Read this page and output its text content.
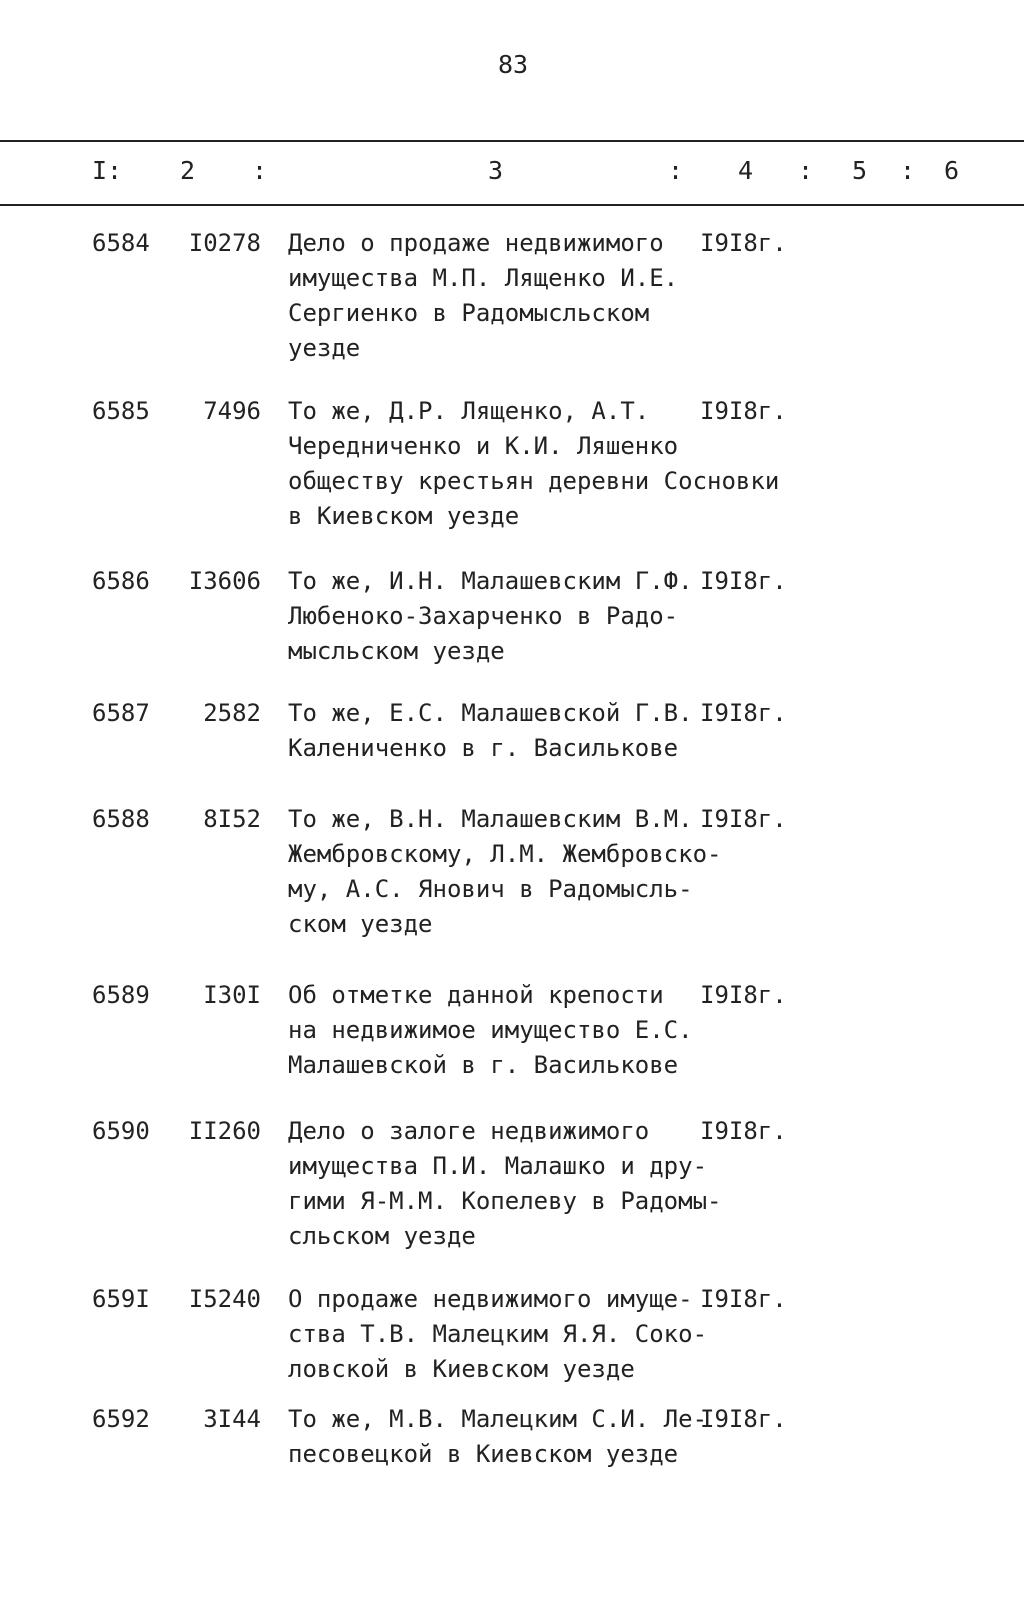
83
I: 2 :	3	: 4 : 5 : 6
6584	I0278 Дело о продаже недвижимого
имущества М.П. Лященко И.Е.
Сергиенко в Радомысльском
уезде
I9I8г.
6585	7496 То же, Д.Р. Лященко, А.Т.
Чередниченко и К.И. Ляшенко
обществу крестьян деревни Сосновки
в Киевском уезде
I9I8г.
6586	I3606 То же, И.Н. Малашевским Г.Ф.
Любеноко-Захарченко в Радо-
мысльском уезде
I9I8г.
6587	2582 То же, Е.С. Малашевской Г.В.
Калениченко в г. Василькове
I9I8г.
6588	8I52 То же, В.Н. Малашевским В.М.
Жембровскому, Л.М. Жембровско-
му, А.С. Янович в Радомысль-
ском уезде
I9I8г.
6589	I30I Об отметке данной крепости
на недвижимое имущество Е.С.
Малашевской в г. Василькове
I9I8г.
6590	II260 Дело о залоге недвижимого
имущества П.И. Малашко и дру-
гими Я-М.М. Копелеву в Радомы-
сльском уезде
I9I8г.
659I	I5240 О продаже недвижимого имуще-
ства Т.В. Малецким Я.Я. Соко-
ловской в Киевском уезде
I9I8г.
6592	3I44 То же, М.В. Малецким С.И. Ле-
песовецкой в Киевском уезде
I9I8г.
